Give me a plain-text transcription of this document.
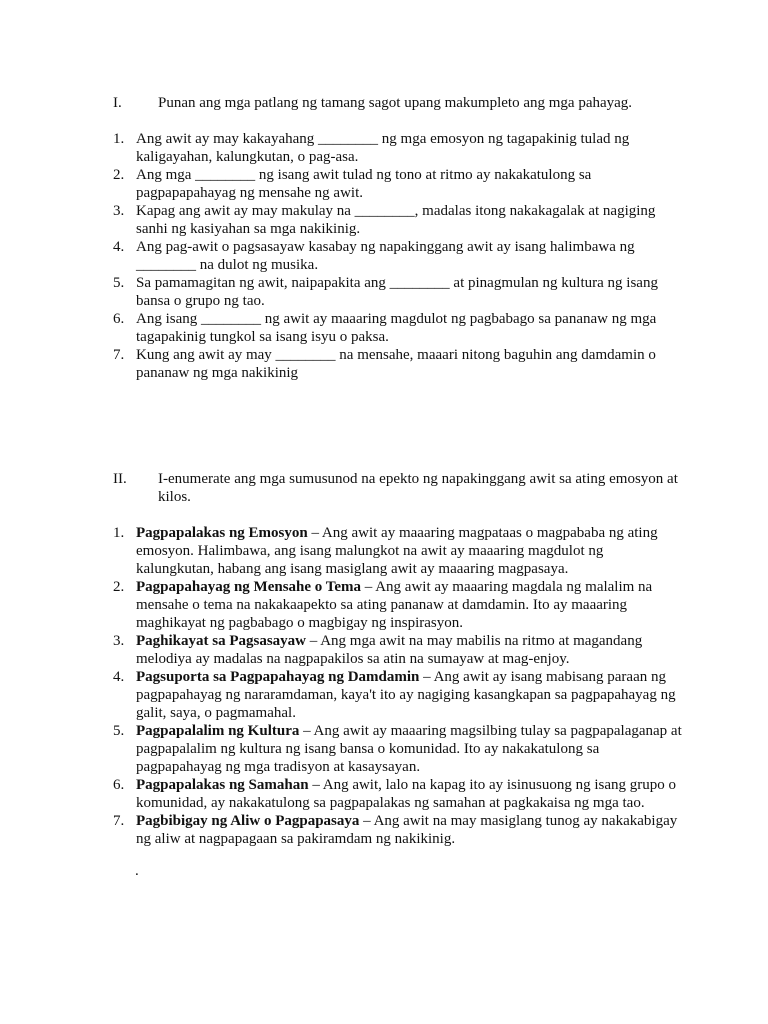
I. Punan ang mga patlang ng tamang sagot upang makumpleto ang mga pahayag.
1. Ang awit ay may kakayahang ________ ng mga emosyon ng tagapakinig tulad ng kaligayahan, kalungkutan, o pag-asa.
2. Ang mga ________ ng isang awit tulad ng tono at ritmo ay nakakatulong sa pagpapapahayag ng mensahe ng awit.
3. Kapag ang awit ay may makulay na ________, madalas itong nakakagalak at nagiging sanhi ng kasiyahan sa mga nakikinig.
4. Ang pag-awit o pagsasayaw kasabay ng napakinggang awit ay isang halimbawa ng ________ na dulot ng musika.
5. Sa pamamagitan ng awit, naipapakita ang ________ at pinagmulan ng kultura ng isang bansa o grupo ng tao.
6. Ang isang ________ ng awit ay maaaring magdulot ng pagbabago sa pananaw ng mga tagapakinig tungkol sa isang isyu o paksa.
7. Kung ang awit ay may ________ na mensahe, maaari nitong baguhin ang damdamin o pananaw ng mga nakikinig
II. I-enumerate ang mga sumusunod na epekto ng napakinggang awit sa ating emosyon at kilos.
1. Pagpapalakas ng Emosyon – Ang awit ay maaaring magpataas o magpababa ng ating emosyon. Halimbawa, ang isang malungkot na awit ay maaaring magdulot ng kalungkutan, habang ang isang masiglang awit ay maaaring magpasaya.
2. Pagpapahayag ng Mensahe o Tema – Ang awit ay maaaring magdala ng malalim na mensahe o tema na nakakaapekto sa ating pananaw at damdamin. Ito ay maaaring maghikayat ng pagbabago o magbigay ng inspirasyon.
3. Paghikayat sa Pagsasayaw – Ang mga awit na may mabilis na ritmo at magandang melodiya ay madalas na nagpapakilos sa atin na sumayaw at mag-enjoy.
4. Pagsuporta sa Pagpapahayag ng Damdamin – Ang awit ay isang mabisang paraan ng pagpapahayag ng nararamdaman, kaya't ito ay nagiging kasangkapan sa pagpapahayag ng galit, saya, o pagmamahal.
5. Pagpapalalim ng Kultura – Ang awit ay maaaring magsilbing tulay sa pagpapalaganap at pagpapalalim ng kultura ng isang bansa o komunidad. Ito ay nakakatulong sa pagpapahayag ng mga tradisyon at kasaysayan.
6. Pagpapalakas ng Samahan – Ang awit, lalo na kapag ito ay isinusuong ng isang grupo o komunidad, ay nakakatulong sa pagpapalakas ng samahan at pagkakaisa ng mga tao.
7. Pagbibigay ng Aliw o Pagpapasaya – Ang awit na may masiglang tunog ay nakakabigay ng aliw at nagpapagaan sa pakiramdam ng nakikinig.
.
